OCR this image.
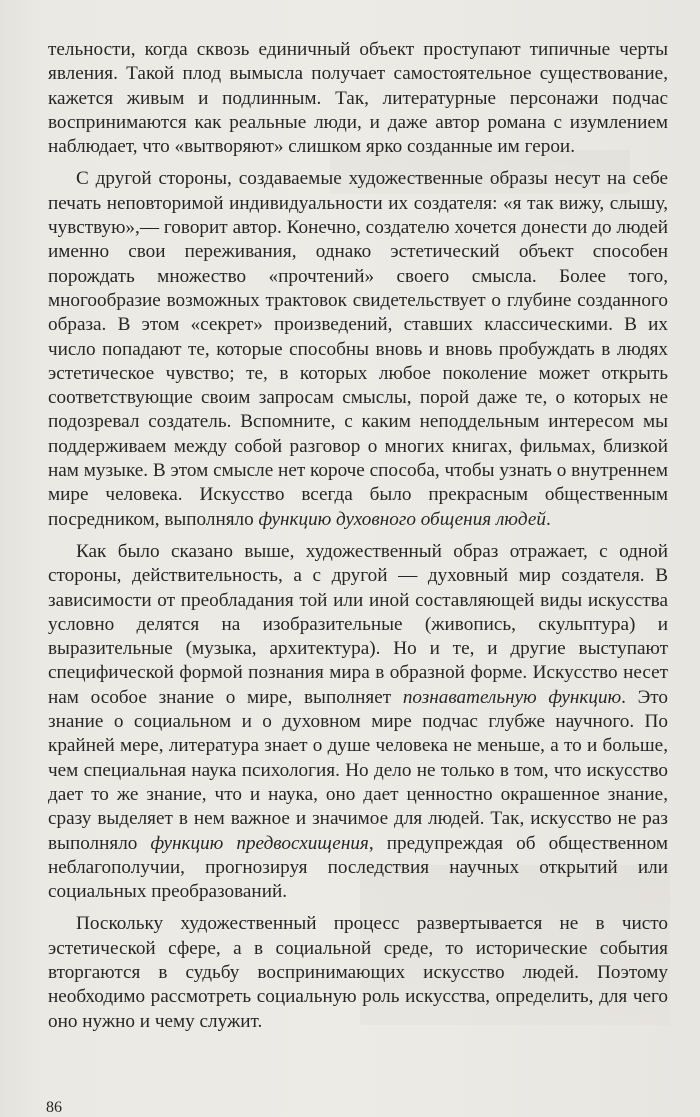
тельности, когда сквозь единичный объект проступают типичные черты явления. Такой плод вымысла получает самостоятельное существование, кажется живым и подлинным. Так, литературные персонажи подчас воспринимаются как реальные люди, и даже автор романа с изумлением наблюдает, что «вытворяют» слишком ярко созданные им герои.

С другой стороны, создаваемые художественные образы несут на себе печать неповторимой индивидуальности их создателя: «я так вижу, слышу, чувствую»,— говорит автор. Конечно, создателю хочется донести до людей именно свои переживания, однако эстетический объект способен порождать множество «прочтений» своего смысла. Более того, многообразие возможных трактовок свидетельствует о глубине созданного образа. В этом «секрет» произведений, ставших классическими. В их число попадают те, которые способны вновь и вновь пробуждать в людях эстетическое чувство; те, в которых любое поколение может открыть соответствующие своим запросам смыслы, порой даже те, о которых не подозревал создатель. Вспомните, с каким неподдельным интересом мы поддерживаем между собой разговор о многих книгах, фильмах, близкой нам музыке. В этом смысле нет короче способа, чтобы узнать о внутреннем мире человека. Искусство всегда было прекрасным общественным посредником, выполняло функцию духовного общения людей.

Как было сказано выше, художественный образ отражает, с одной стороны, действительность, а с другой — духовный мир создателя. В зависимости от преобладания той или иной составляющей виды искусства условно делятся на изобразительные (живопись, скульптура) и выразительные (музыка, архитектура). Но и те, и другие выступают специфической формой познания мира в образной форме. Искусство несет нам особое знание о мире, выполняет познавательную функцию. Это знание о социальном и о духовном мире подчас глубже научного. По крайней мере, литература знает о душе человека не меньше, а то и больше, чем специальная наука психология. Но дело не только в том, что искусство дает то же знание, что и наука, оно дает ценностно окрашенное знание, сразу выделяет в нем важное и значимое для людей. Так, искусство не раз выполняло функцию предвосхищения, предупреждая об общественном неблагополучии, прогнозируя последствия научных открытий или социальных преобразований.

Поскольку художественный процесс развертывается не в чисто эстетической сфере, а в социальной среде, то исторические события вторгаются в судьбу воспринимающих искусство людей. Поэтому необходимо рассмотреть социальную роль искусства, определить, для чего оно нужно и чему служит.

86
